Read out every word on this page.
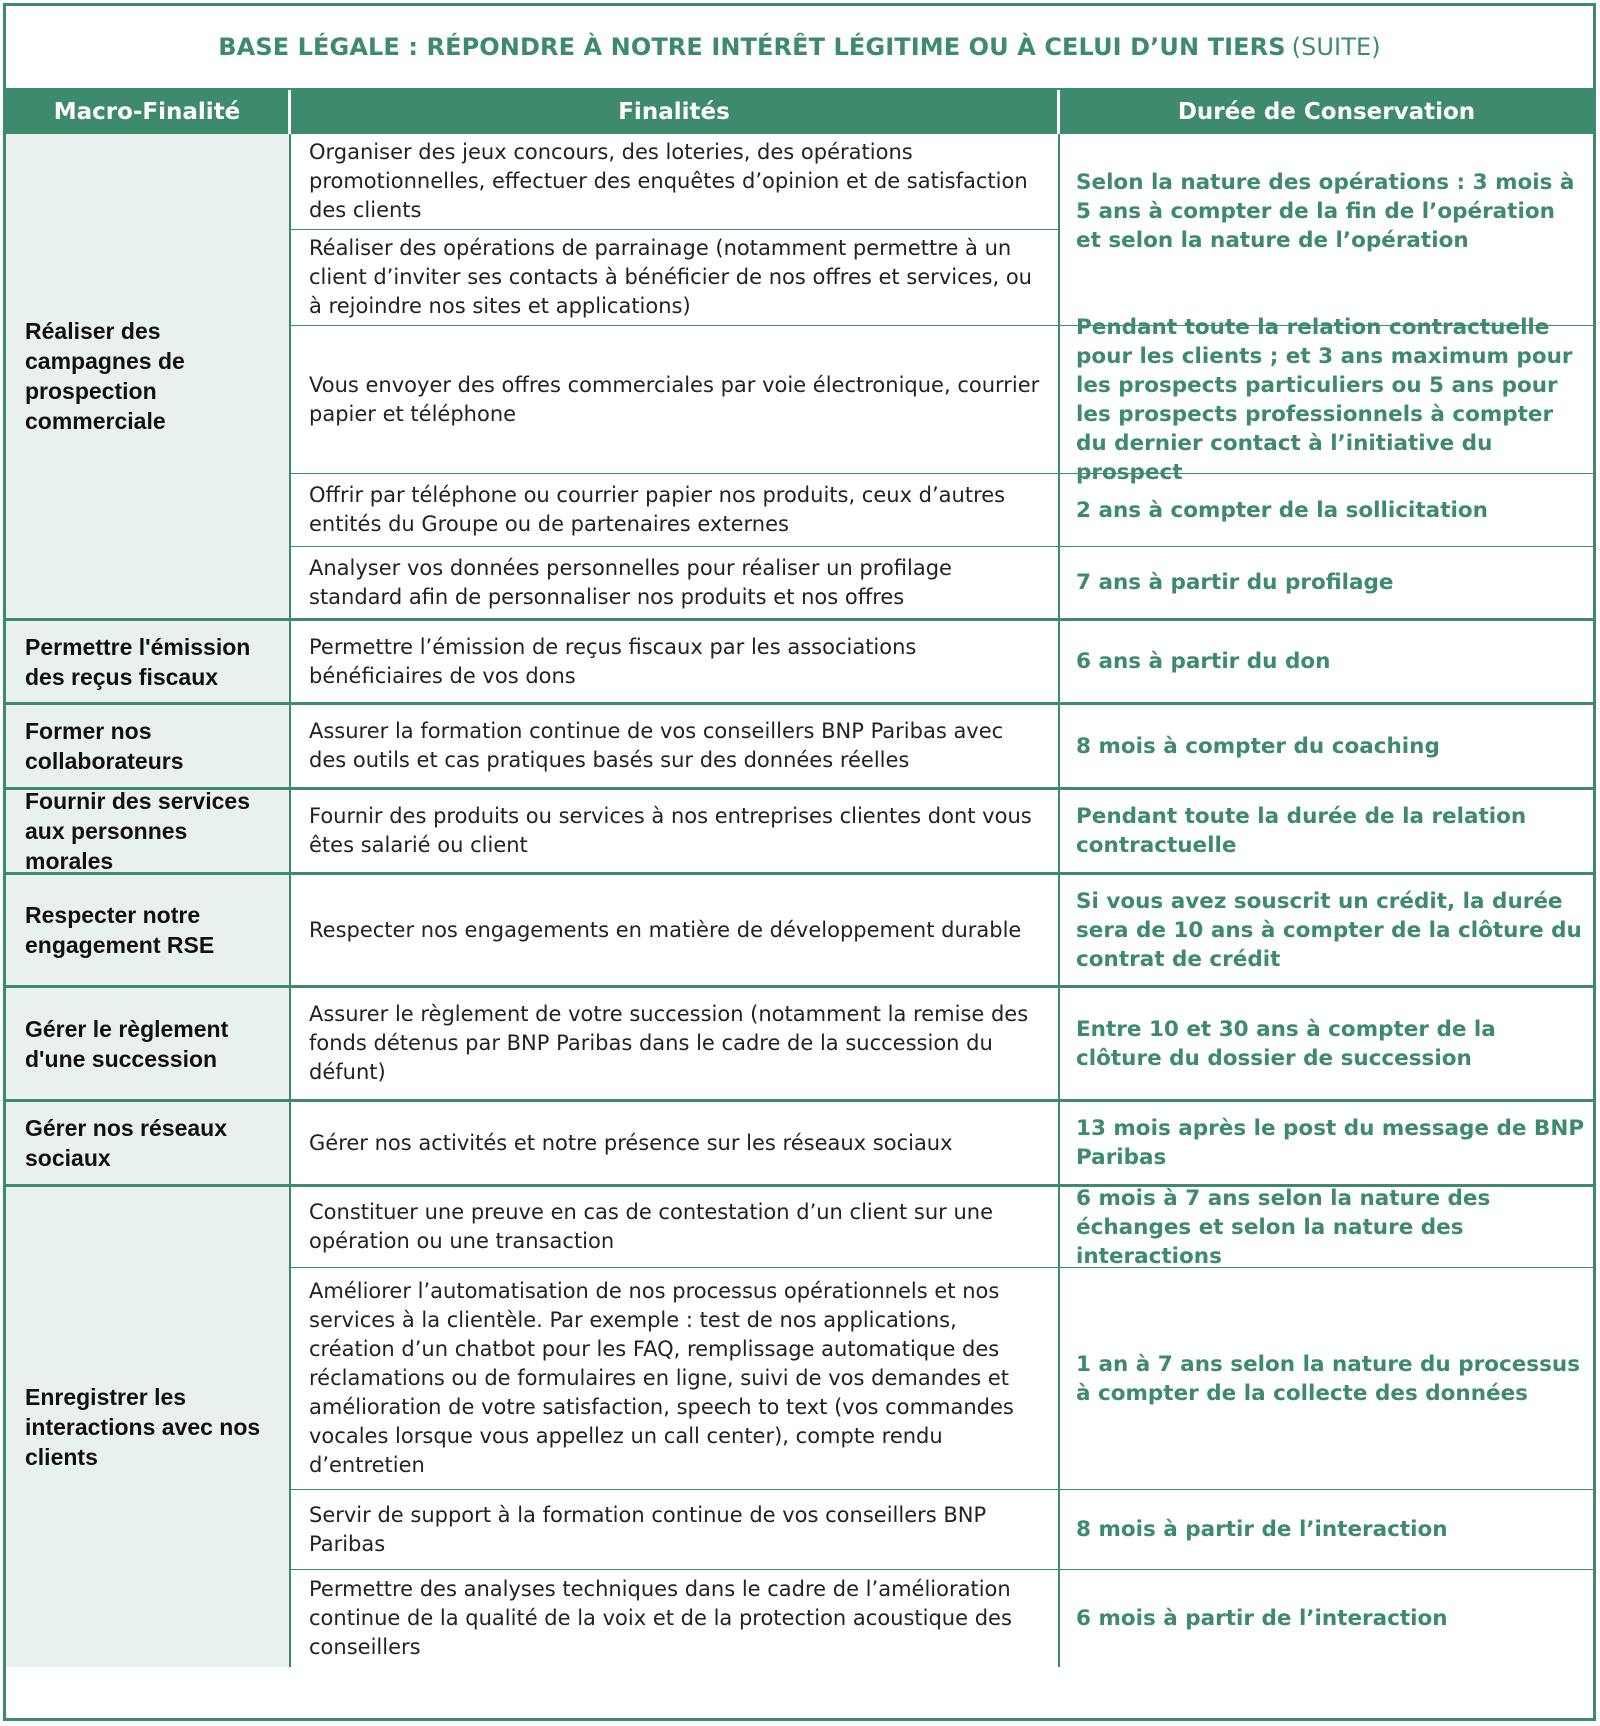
BASE LÉGALE : RÉPONDRE À NOTRE INTÉRÊT LÉGITIME OU À CELUI D’UN TIERS (SUITE)
Macro-Finalité	Finalités	Durée de Conservation
Réaliser des campagnes de prospection commerciale
Organiser des jeux concours, des loteries, des opérations promotionnelles, effectuer des enquêtes d’opinion et de satisfaction des clients
Réaliser des opérations de parrainage (notamment permettre à un client d’inviter ses contacts à bénéficier de nos offres et services, ou à rejoindre nos sites et applications)
Selon la nature des opérations : 3 mois à 5 ans à compter de la fin de l’opération et selon la nature de l’opération
Vous envoyer des offres commerciales par voie électronique, courrier papier et téléphone
Pendant toute la relation contractuelle pour les clients ; et 3 ans maximum pour les prospects particuliers ou 5 ans pour les prospects professionnels à compter du dernier contact à l’initiative du prospect
Offrir par téléphone ou courrier papier nos produits, ceux d’autres entités du Groupe ou de partenaires externes
2 ans à compter de la sollicitation
Analyser vos données personnelles pour réaliser un profilage standard afin de personnaliser nos produits et nos offres
7 ans à partir du profilage
Permettre l'émission des reçus fiscaux
Permettre l’émission de reçus fiscaux par les associations bénéficiaires de vos dons
6 ans à partir du don
Former nos collaborateurs
Assurer la formation continue de vos conseillers BNP Paribas avec des outils et cas pratiques basés sur des données réelles
8 mois à compter du coaching
Fournir des services aux personnes morales
Fournir des produits ou services à nos entreprises clientes dont vous êtes salarié ou client
Pendant toute la durée de la relation contractuelle
Respecter notre engagement RSE
Respecter nos engagements en matière de développement durable
Si vous avez souscrit un crédit, la durée sera de 10 ans à compter de la clôture du contrat de crédit
Gérer le règlement d'une succession
Assurer le règlement de votre succession (notamment la remise des fonds détenus par BNP Paribas dans le cadre de la succession du défunt)
Entre 10 et 30 ans à compter de la clôture du dossier de succession
Gérer nos réseaux sociaux
Gérer nos activités et notre présence sur les réseaux sociaux
13 mois après le post du message de BNP Paribas
Enregistrer les interactions avec nos clients
Constituer une preuve en cas de contestation d’un client sur une opération ou une transaction
6 mois à 7 ans selon la nature des échanges et selon la nature des interactions
Améliorer l’automatisation de nos processus opérationnels et nos services à la clientèle. Par exemple : test de nos applications, création d’un chatbot pour les FAQ, remplissage automatique des réclamations ou de formulaires en ligne, suivi de vos demandes et amélioration de votre satisfaction, speech to text (vos commandes vocales lorsque vous appellez un call center), compte rendu d’entretien
1 an à 7 ans selon la nature du processus à compter de la collecte des données
Servir de support à la formation continue de vos conseillers BNP Paribas
8 mois à partir de l’interaction
Permettre des analyses techniques dans le cadre de l’amélioration continue de la qualité de la voix et de la protection acoustique des conseillers
6 mois à partir de l’interaction
